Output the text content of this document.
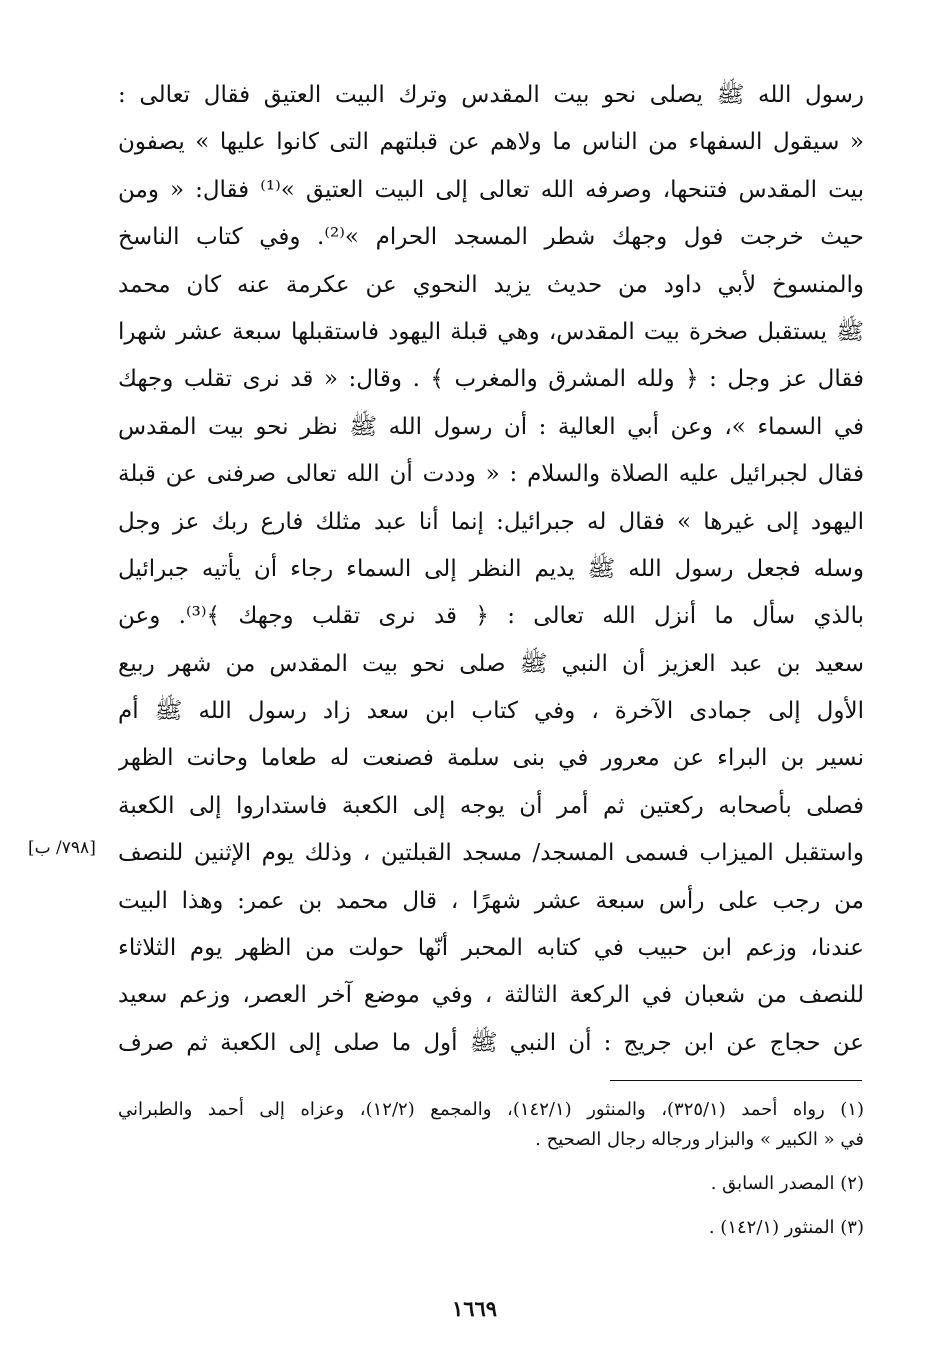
رسول الله ﷺ يصلى نحو بيت المقدس وترك البيت العتيق فقال تعالى :
« سيقول السفهاء من الناس ما ولاهم عن قبلتهم التى كانوا عليها » يصفون
بيت المقدس فتنحها، وصرفه الله تعالى إلى البيت العتيق »⁽¹⁾ فقال: « ومن
حيث خرجت فول وجهك شطر المسجد الحرام »⁽²⁾. وفي كتاب الناسخ
والمنسوخ لأبي داود من حديث يزيد النحوي عن عكرمة عنه كان محمد
ﷺ يستقبل صخرة بيت المقدس، وهي قبلة اليهود فاستقبلها سبعة عشر شهرا
فقال عز وجل : ﴿ ولله المشرق والمغرب ﴾ . وقال: « قد نرى تقلب وجهك
في السماء »، وعن أبي العالية : أن رسول الله ﷺ نظر نحو بيت المقدس
فقال لجبرائيل عليه الصلاة والسلام : « وددت أن الله تعالى صرفنى عن قبلة
اليهود إلى غيرها » فقال له جبرائيل: إنما أنا عبد مثلك فارع ربك عز وجل
وسله فجعل رسول الله ﷺ يديم النظر إلى السماء رجاء أن يأتيه جبرائيل
بالذي سأل ما أنزل الله تعالى : ﴿ قد نرى تقلب وجهك ﴾⁽³⁾. وعن
سعيد بن عبد العزيز أن النبي ﷺ صلى نحو بيت المقدس من شهر ربيع
الأول إلى جمادى الآخرة ، وفي كتاب ابن سعد زاد رسول الله ﷺ أم
نسير بن البراء عن معرور في بنى سلمة فصنعت له طعاما وحانت الظهر
فصلى بأصحابه ركعتين ثم أمر أن يوجه إلى الكعبة فاستداروا إلى الكعبة
واستقبل الميزاب فسمى المسجد/ مسجد القبلتين ، وذلك يوم الإثنين للنصف
من رجب على رأس سبعة عشر شهرًا ، قال محمد بن عمر: وهذا البيت
عندنا، وزعم ابن حبيب في كتابه المحبر أنّها حولت من الظهر يوم الثلاثاء
للنصف من شعبان في الركعة الثالثة ، وفي موضع آخر العصر، وزعم سعيد
عن حجاج عن ابن جريج : أن النبي ﷺ أول ما صلى إلى الكعبة ثم صرف
[٧٩٨/ ب]
(١) رواه أحمد (٣٢٥/١)، والمنثور (١٤٢/١)، والمجمع (١٢/٢)، وعزاه إلى أحمد والطبراني
في « الكبير » والبزار ورجاله رجال الصحيح .
(٢) المصدر السابق .
(٣) المنثور (١٤٢/١) .
١٦٦٩
